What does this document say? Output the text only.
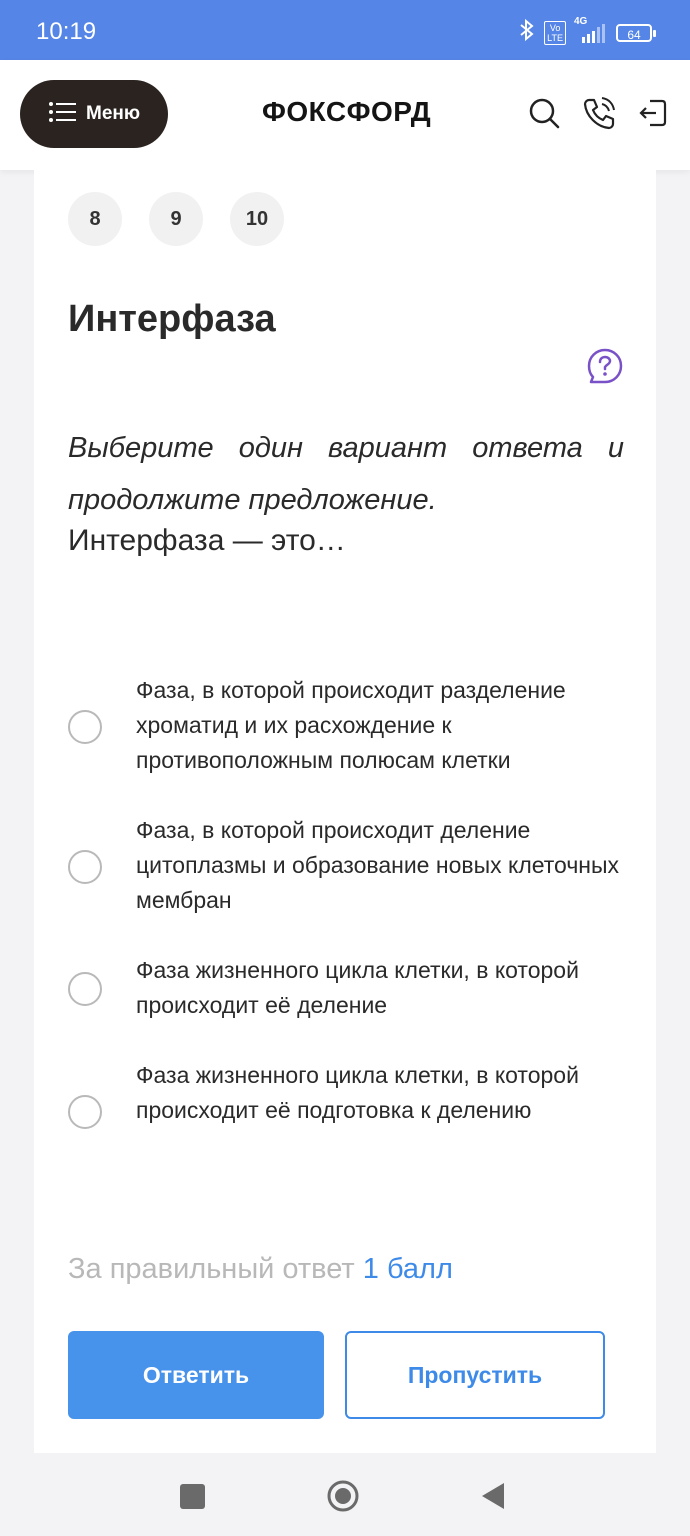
10:19	Vo
LTE
4G
64
Меню	ФОКСФОРД
8	9	10
Интерфаза
Выберите один вариант ответа и продолжите предложение.
Интерфаза — это…
Фаза, в которой происходит разделение хроматид и их расхождение к противоположным полюсам клетки
Фаза, в которой происходит деление цитоплазмы и образование новых клеточных мембран
Фаза жизненного цикла клетки, в которой происходит её деление
Фаза жизненного цикла клетки, в которой происходит её подготовка к делению
За правильный ответ 1 балл
Ответить	Пропустить
